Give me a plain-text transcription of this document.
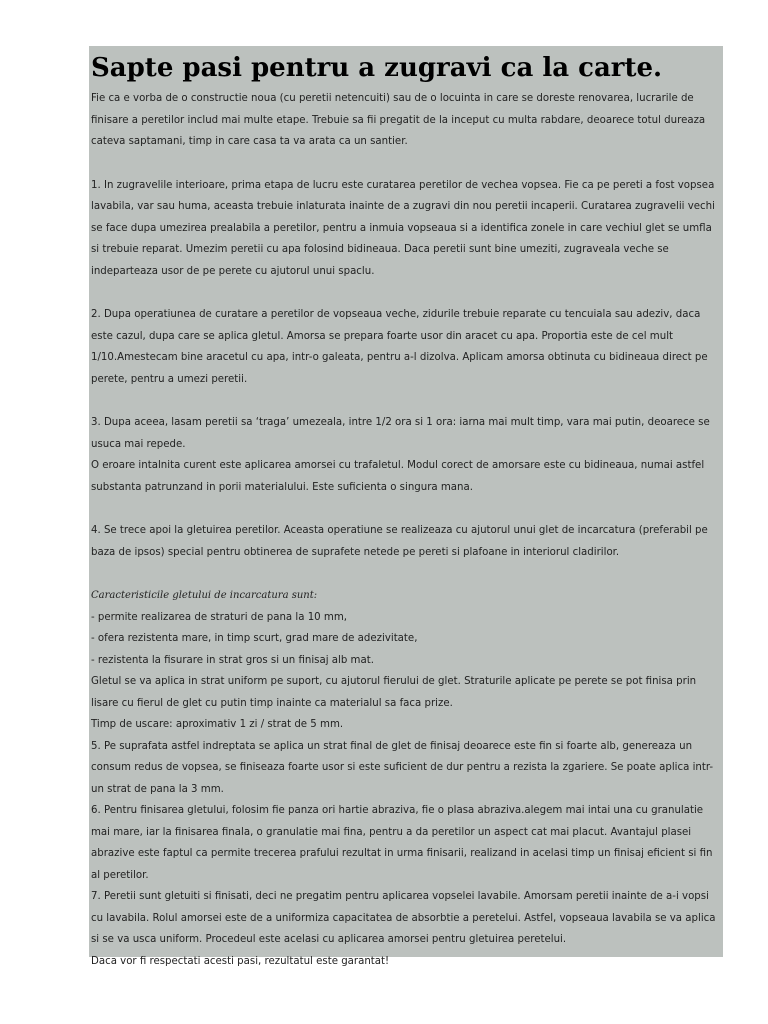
Sapte pasi pentru a zugravi ca la carte.

Fie ca e vorba de o constructie noua (cu peretii netencuiti) sau de o locuinta in care se doreste renovarea, lucrarile de finisare a peretilor includ mai multe etape. Trebuie sa fii pregatit de la inceput cu multa rabdare, deoarece totul dureaza cateva saptamani, timp in care casa ta va arata ca un santier.

1. In zugravelile interioare, prima etapa de lucru este curatarea peretilor de vechea vopsea. Fie ca pe pereti a fost vopsea lavabila, var sau huma, aceasta trebuie inlaturata inainte de a zugravi din nou peretii incaperii. Curatarea zugravelii vechi se face dupa umezirea prealabila a peretilor, pentru a inmuia vopseaua si a identifica zonele in care vechiul glet se umfla si trebuie reparat. Umezim peretii cu apa folosind bidineaua. Daca peretii sunt bine umeziti, zugraveala veche se indeparteaza usor de pe perete cu ajutorul unui spaclu.

2. Dupa operatiunea de curatare a peretilor de vopseaua veche, zidurile trebuie reparate cu tencuiala sau adeziv, daca este cazul, dupa care se aplica gletul. Amorsa se prepara foarte usor din aracet cu apa. Proportia este de cel mult 1/10.Amestecam bine aracetul cu apa, intr-o galeata, pentru a-l dizolva. Aplicam amorsa obtinuta cu bidineaua direct pe perete, pentru a umezi peretii.

3. Dupa aceea, lasam peretii sa ‘traga’ umezeala, intre 1/2 ora si 1 ora: iarna mai mult timp, vara mai putin, deoarece se usuca mai repede.

O eroare intalnita curent este aplicarea amorsei cu trafaletul. Modul corect de amorsare este cu bidineaua, numai astfel substanta patrunzand in porii materialului. Este suficienta o singura mana.

4. Se trece apoi la gletuirea peretilor. Aceasta operatiune se realizeaza cu ajutorul unui glet de incarcatura (preferabil pe baza de ipsos) special pentru obtinerea de suprafete netede pe pereti si plafoane in interiorul cladirilor.

Caracteristicile gletului de incarcatura sunt:

- permite realizarea de straturi de pana la 10 mm,

- ofera rezistenta mare, in timp scurt, grad mare de adezivitate,

- rezistenta la fisurare in strat gros si un finisaj alb mat.

Gletul se va aplica in strat uniform pe suport, cu ajutorul fierului de glet. Straturile aplicate pe perete se pot finisa prin lisare cu fierul de glet cu putin timp inainte ca materialul sa faca prize.

Timp de uscare: aproximativ 1 zi / strat de 5 mm.

5. Pe suprafata astfel indreptata se aplica un strat final de glet de finisaj deoarece este fin si foarte alb, genereaza un consum redus de vopsea, se finiseaza foarte usor si este suficient de dur pentru a rezista la zgariere. Se poate aplica intr-un strat de pana la 3 mm.

6. Pentru finisarea gletului, folosim fie panza ori hartie abraziva, fie o plasa abraziva.alegem mai intai una cu granulatie mai mare, iar la finisarea finala, o granulatie mai fina, pentru a da peretilor un aspect cat mai placut. Avantajul plasei abrazive este faptul ca permite trecerea prafului rezultat in urma finisarii, realizand in acelasi timp un finisaj eficient si fin al peretilor.

7. Peretii sunt gletuiti si finisati, deci ne pregatim pentru aplicarea vopselei lavabile. Amorsam peretii inainte de a-i vopsi cu lavabila. Rolul amorsei este de a uniformiza capacitatea de absorbtie a peretelui. Astfel, vopseaua lavabila se va aplica si se va usca uniform. Procedeul este acelasi cu aplicarea amorsei pentru gletuirea peretelui.

Daca vor fi respectati acesti pasi, rezultatul este garantat!
